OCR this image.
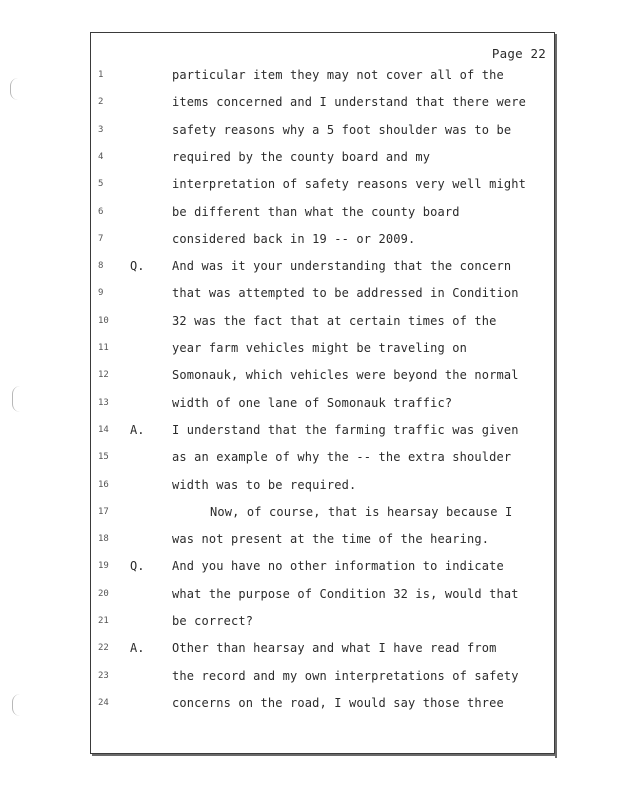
Page 22
1	particular item they may not cover all of the
2	items concerned and I understand that there were
3	safety reasons why a 5 foot shoulder was to be
4	required by the county board and my
5	interpretation of safety reasons very well might
6	be different than what the county board
7	considered back in 19 -- or 2009.
8	Q. And was it your understanding that the concern
9	that was attempted to be addressed in Condition
10	32 was the fact that at certain times of the
11	year farm vehicles might be traveling on
12	Somonauk, which vehicles were beyond the normal
13	width of one lane of Somonauk traffic?
14 A. I understand that the farming traffic was given
15	as an example of why the -- the extra shoulder
16	width was to be required.
17	Now, of course, that is hearsay because I
18	was not present at the time of the hearing.
19 Q. And you have no other information to indicate
20	what the purpose of Condition 32 is, would that
21	be correct?
22 A. Other than hearsay and what I have read from
23	the record and my own interpretations of safety
24	concerns on the road, I would say those three
